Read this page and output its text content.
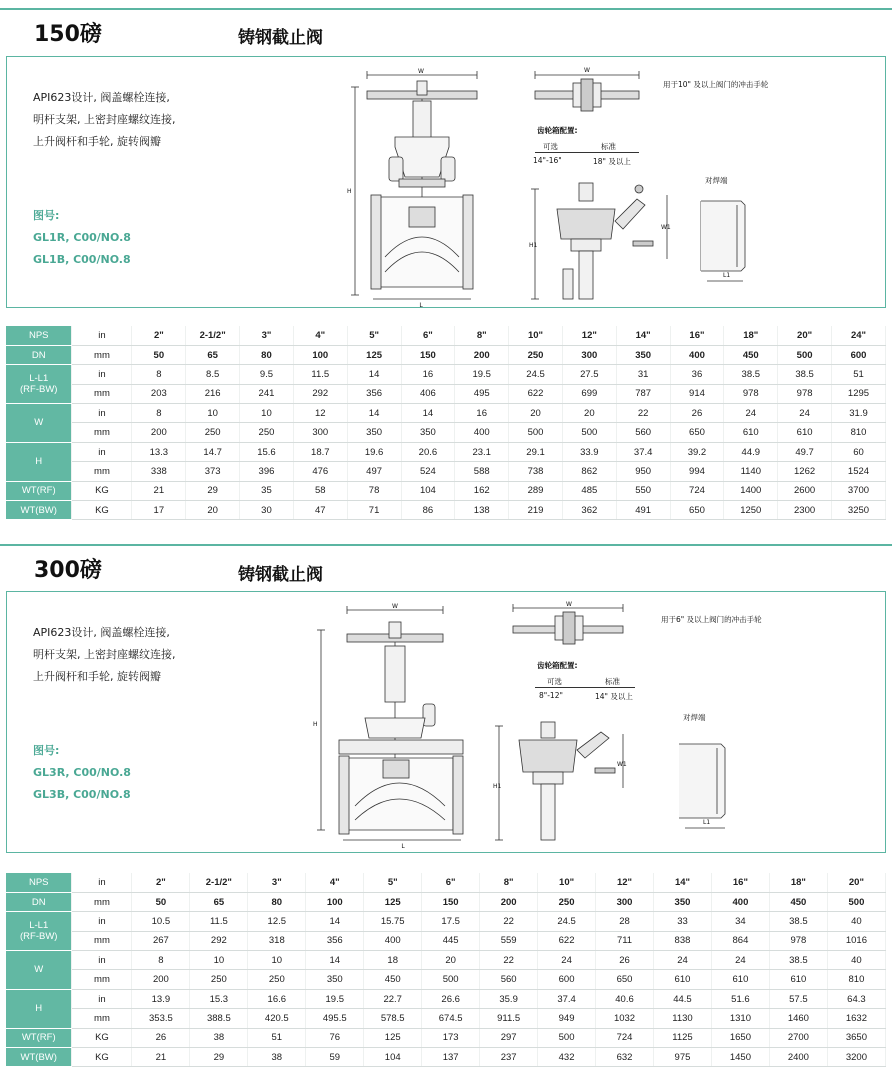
150磅	铸钢截止阀
API623设计, 阀盖螺栓连接,
明杆支架, 上密封座螺纹连接,
上升阀杆和手轮, 旋转阀瓣
图号:
GL1R, C00/NO.8
GL1B, C00/NO.8
W
H
L
W
用于10" 及以上阀门的冲击手轮
齿轮箱配置:
可选	标准
14"-16"	18" 及以上
H1
W1
对焊端
L1
NPS	in	2"	2-1/2"	3"	4"	5"	6"	8"	10"	12"	14"	16"	18"	20"	24"
DN	mm	50	65	80	100	125	150	200	250	300	350	400	450	500	600
L-L1
(RF-BW)	in	8	8.5	9.5	11.5	14	16	19.5	24.5	27.5	31	36	38.5	38.5	51
	mm	203	216	241	292	356	406	495	622	699	787	914	978	978	1295
W	in	8	10	10	12	14	14	16	20	20	22	26	24	24	31.9
	mm	200	250	250	300	350	350	400	500	500	560	650	610	610	810
H	in	13.3	14.7	15.6	18.7	19.6	20.6	23.1	29.1	33.9	37.4	39.2	44.9	49.7	60
	mm	338	373	396	476	497	524	588	738	862	950	994	1140	1262	1524
WT(RF)	KG	21	29	35	58	78	104	162	289	485	550	724	1400	2600	3700
WT(BW)	KG	17	20	30	47	71	86	138	219	362	491	650	1250	2300	3250
300磅	铸钢截止阀
API623设计, 阀盖螺栓连接,
明杆支架, 上密封座螺纹连接,
上升阀杆和手轮, 旋转阀瓣
图号:
GL3R, C00/NO.8
GL3B, C00/NO.8
W
H
L
W
用于6" 及以上阀门的冲击手轮
齿轮箱配置:
可选	标准
8"-12"	14" 及以上
H1
W1
对焊端
L1
NPS	in	2"	2-1/2"	3"	4"	5"	6"	8"	10"	12"	14"	16"	18"	20"
DN	mm	50	65	80	100	125	150	200	250	300	350	400	450	500
L-L1
(RF-BW)	in	10.5	11.5	12.5	14	15.75	17.5	22	24.5	28	33	34	38.5	40
	mm	267	292	318	356	400	445	559	622	711	838	864	978	1016
W	in	8	10	10	14	18	20	22	24	26	24	24	38.5	40
	mm	200	250	250	350	450	500	560	600	650	610	610	610	810
H	in	13.9	15.3	16.6	19.5	22.7	26.6	35.9	37.4	40.6	44.5	51.6	57.5	64.3
	mm	353.5	388.5	420.5	495.5	578.5	674.5	911.5	949	1032	1130	1310	1460	1632
WT(RF)	KG	26	38	51	76	125	173	297	500	724	1125	1650	2700	3650
WT(BW)	KG	21	29	38	59	104	137	237	432	632	975	1450	2400	3200
